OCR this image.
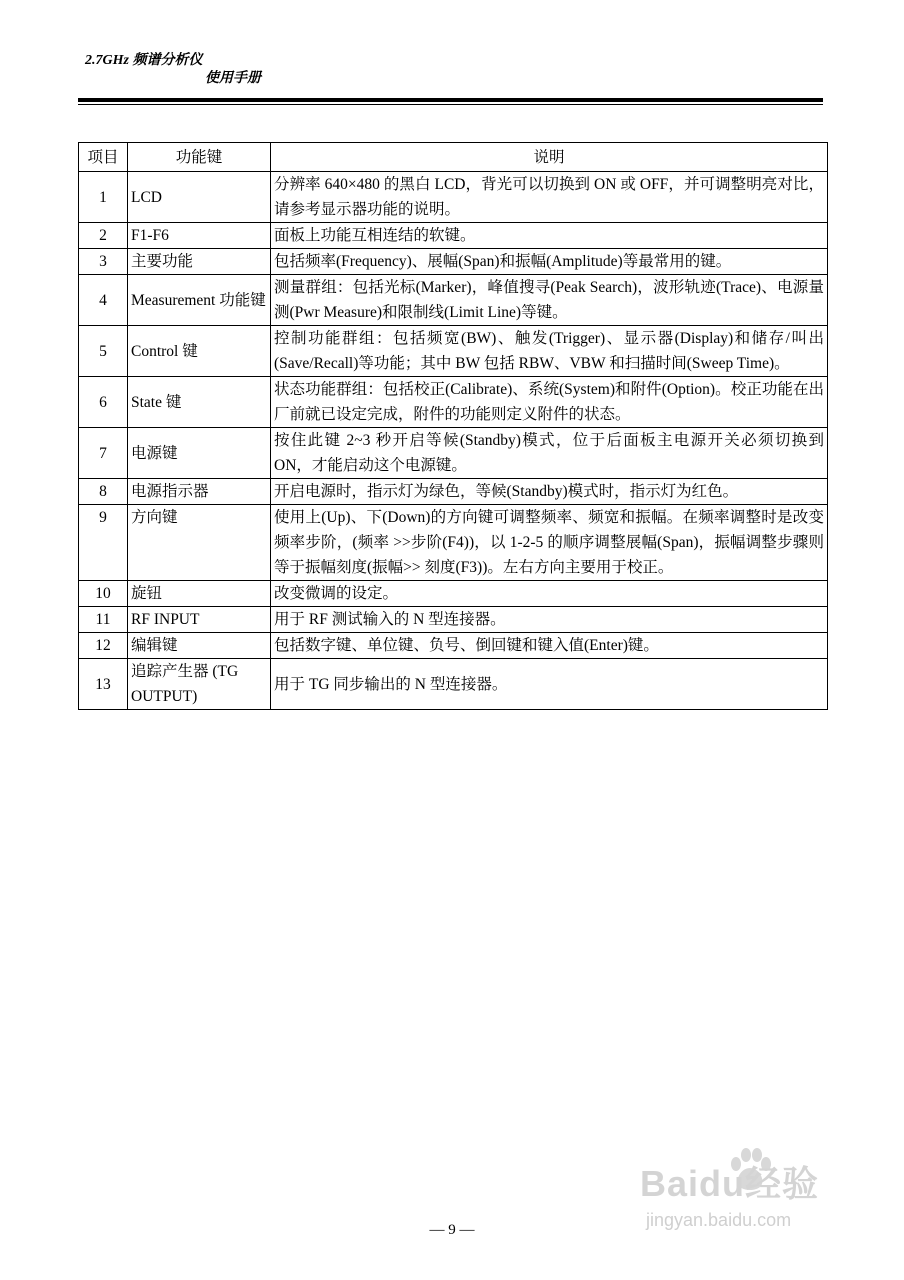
2.7GHz 频谱分析仪
使用手册
项目	功能键	说明
1	LCD	分辨率 640×480 的黑白 LCD，背光可以切换到 ON 或 OFF，并可调整明亮对比，请参考显示器功能的说明。
2	F1-F6	面板上功能互相连结的软键。
3	主要功能	包括频率(Frequency)、展幅(Span)和振幅(Amplitude)等最常用的键。
4	Measurement 功能键	测量群组：包括光标(Marker)，峰值搜寻(Peak Search)，波形轨迹(Trace)、电源量测(Pwr Measure)和限制线(Limit Line)等键。
5	Control 键	控制功能群组：包括频宽(BW)、触发(Trigger)、显示器(Display)和储存/叫出(Save/Recall)等功能；其中 BW 包括 RBW、VBW 和扫描时间(Sweep Time)。
6	State 键	状态功能群组：包括校正(Calibrate)、系统(System)和附件(Option)。校正功能在出厂前就已设定完成，附件的功能则定义附件的状态。
7	电源键	按住此键 2~3 秒开启等候(Standby)模式，位于后面板主电源开关必须切换到 ON，才能启动这个电源键。
8	电源指示器	开启电源时，指示灯为绿色，等候(Standby)模式时，指示灯为红色。
9	方向键	使用上(Up)、下(Down)的方向键可调整频率、频宽和振幅。在频率调整时是改变频率步阶，(频率 >>步阶(F4))，以 1-2-5 的顺序调整展幅(Span)，振幅调整步骤则等于振幅刻度(振幅>> 刻度(F3))。左右方向主要用于校正。
10	旋钮	改变微调的设定。
11	RF INPUT	用于 RF 测试输入的 N 型连接器。
12	编辑键	包括数字键、单位键、负号、倒回键和键入值(Enter)键。
13	追踪产生器 (TG OUTPUT)	用于 TG 同步输出的 N 型连接器。
Baidu经验
jingyan.baidu.com
— 9 —
